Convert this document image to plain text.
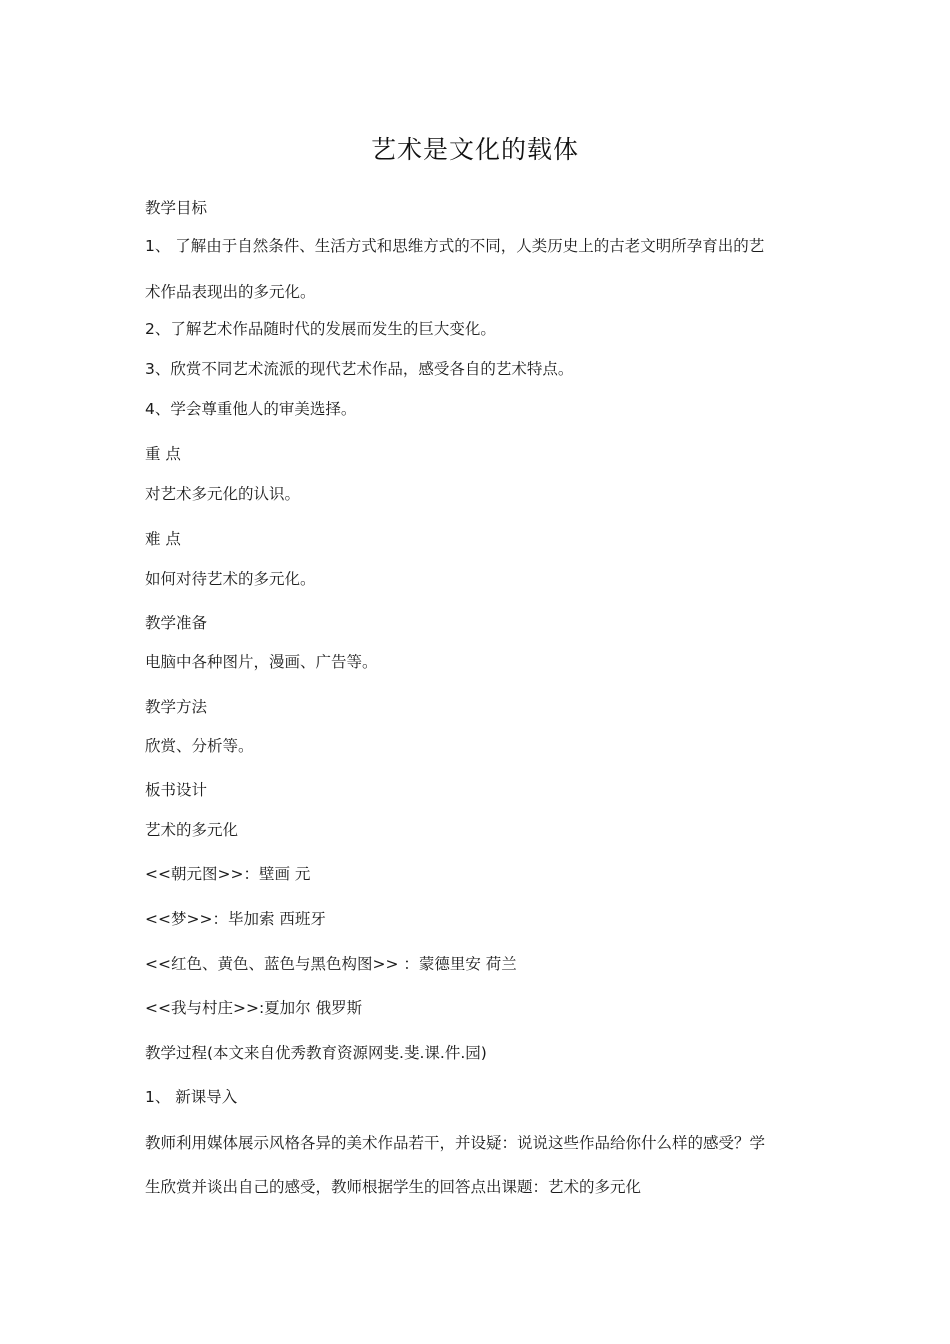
艺术是文化的载体
教学目标
1、 了解由于自然条件、生活方式和思维方式的不同，人类历史上的古老文明所孕育出的艺
术作品表现出的多元化。
2、了解艺术作品随时代的发展而发生的巨大变化。
3、欣赏不同艺术流派的现代艺术作品，感受各自的艺术特点。
4、学会尊重他人的审美选择。
重 点
对艺术多元化的认识。
难 点
如何对待艺术的多元化。
教学准备
电脑中各种图片，漫画、广告等。
教学方法
欣赏、分析等。
板书设计
艺术的多元化
<<朝元图>>：壁画 元
<<梦>>：毕加索 西班牙
<<红色、黄色、蓝色与黑色构图>> ：蒙德里安 荷兰
<<我与村庄>>:夏加尔 俄罗斯
教学过程(本文来自优秀教育资源网斐.斐.课.件.园)
1、 新课导入
教师利用媒体展示风格各异的美术作品若干，并设疑：说说这些作品给你什么样的感受？学
生欣赏并谈出自己的感受，教师根据学生的回答点出课题：艺术的多元化
